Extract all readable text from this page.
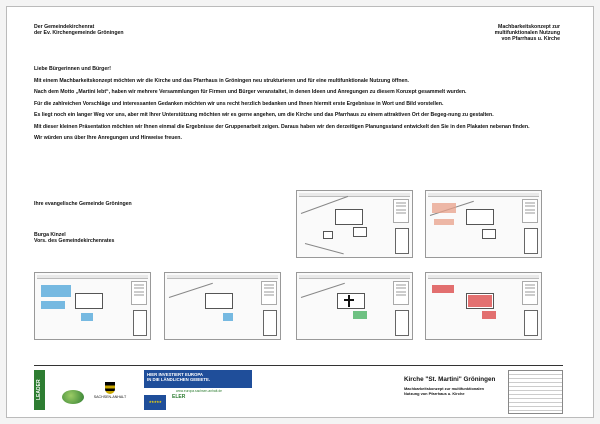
Der Gemeindekirchenrat
der Ev. Kirchengemeinde Gröningen
Machbarkeitskonzept zur
multifunktionalen Nutzung
von Pfarrhaus u. Kirche

Liebe Bürgerinnen und Bürger!

Mit einem Machbarkeitskonzept möchten wir die Kirche und das Pfarrhaus in Gröningen neu strukturieren und für eine multifunktionale Nutzung öffnen.

Nach dem Motto „Martini lebt“, haben wir mehrere Versammlungen für Firmen und Bürger veranstaltet, in denen Ideen und Anregungen zu diesem Konzept gesammelt wurden.

Für die zahlreichen Vorschläge und interessanten Gedanken möchten wir uns recht herzlich bedanken und Ihnen hiermit erste Ergebnisse in Wort und Bild vorstellen.

Es liegt noch ein langer Weg vor uns, aber mit Ihrer Unterstützung möchten wir es gerne angehen, um die Kirche und das Pfarrhaus zu einem attraktiven Ort der Begeg-nung zu gestalten.

Mit dieser kleinen Präsentation möchten wir Ihnen einmal die Ergebnisse der Gruppenarbeit zeigen. Daraus haben wir den derzeitigen Planungsstand entwickelt den Sie in den Plakaten nebenan finden.

Wir würden uns über Ihre Anregungen und Hinweise freuen.

Ihre evangelische Gemeinde Gröningen
Burga Kinzel
Vors. des Gemeindekirchenrates
LEADER	SACHSEN-ANHALT
HIER INVESTIERT EUROPA
IN DIE LÄNDLICHEN GEBIETE.
www.europa.sachsen-anhalt.de
★★★★★
ELER
Kirche "St. Martini" Gröningen
Machbarkeitskonzept zur multifunktionalen
Nutzung von Pfarrhaus u. Kirche
